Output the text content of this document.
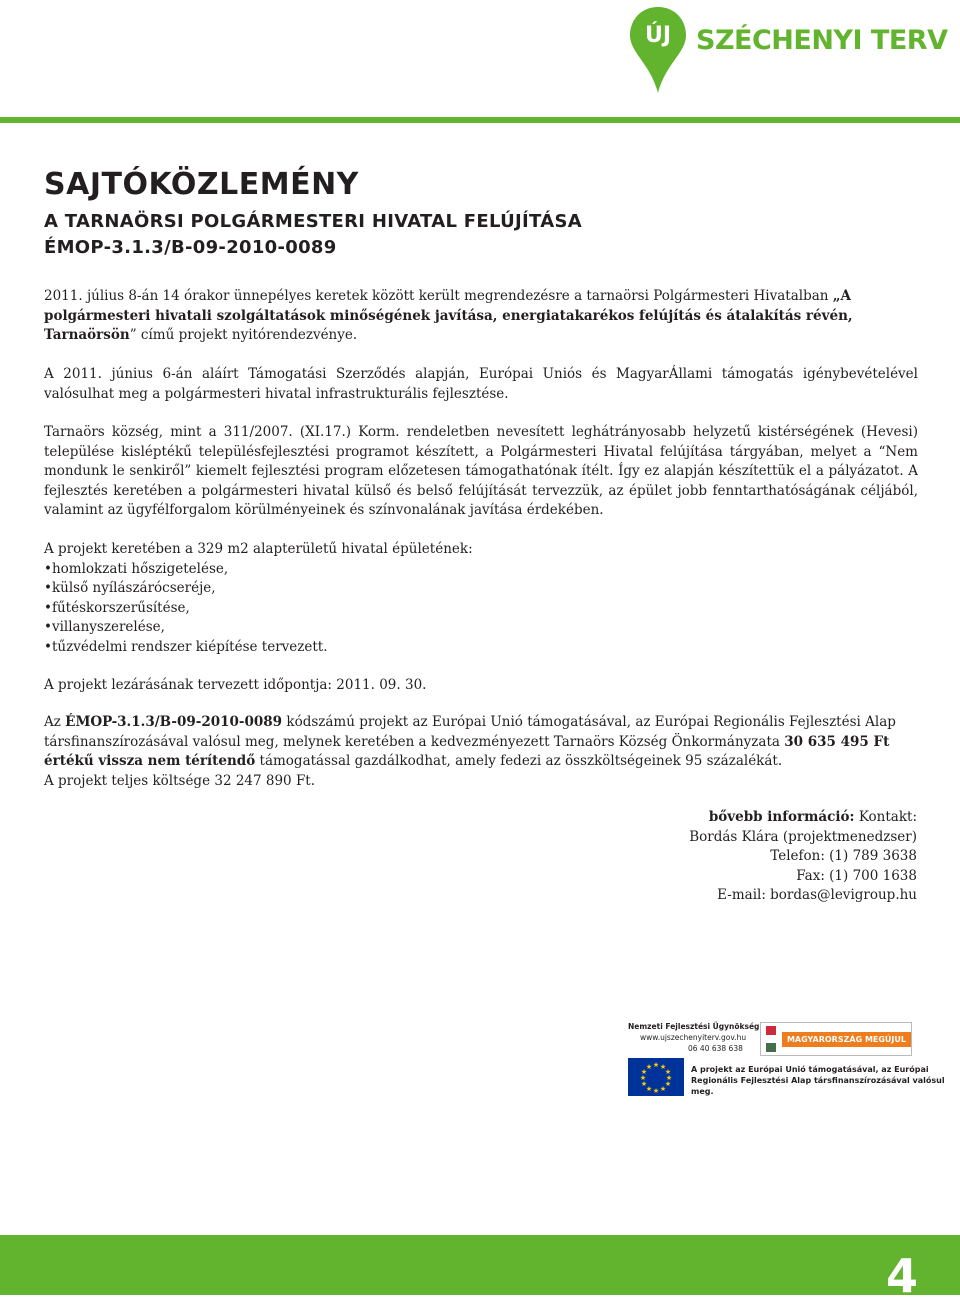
ÚJ SZÉCHENYI TERV
SAJTÓKÖZLEMÉNY
A TARNAÖRSI POLGÁRMESTERI HIVATAL FELÚJÍTÁSA
ÉMOP-3.1.3/B-09-2010-0089

2011. július 8-án 14 órakor ünnepélyes keretek között került megrendezésre a tarnaörsi Polgármesteri Hivatalban „A polgármesteri hivatali szolgáltatások minőségének javítása, energiatakarékos felújítás és átalakítás révén, Tarnaörsön” című projekt nyitórendezvénye.

A 2011. június 6-án aláírt Támogatási Szerződés alapján, Európai Uniós és MagyarÁllami támogatás igénybevételével valósulhat meg a polgármesteri hivatal infrastrukturális fejlesztése.

Tarnaörs község, mint a 311/2007. (XI.17.) Korm. rendeletben nevesített leghátrányosabb helyzetű kistérségének (Hevesi) települése kisléptékű településfejlesztési programot készített, a Polgármesteri Hivatal felújítása tárgyában, melyet a “Nem mondunk le senkiről” kiemelt fejlesztési program előzetesen támogathatónak ítélt. Így ez alapján készítettük el a pályázatot. A fejlesztés keretében a polgármesteri hivatal külső és belső felújítását tervezzük, az épület jobb fenntarthatóságának céljából, valamint az ügyfélforgalom körülményeinek és színvonalának javítása érdekében.

A projekt keretében a 329 m2 alapterületű hivatal épületének:

• homlokzati hőszigetelése,
• külső nyílászárócseréje,
• fűtéskorszerűsítése,
• villanyszerelése,
• tűzvédelmi rendszer kiépítése tervezett.

A projekt lezárásának tervezett időpontja: 2011. 09. 30.

Az ÉMOP-3.1.3/B-09-2010-0089 kódszámú projekt az Európai Unió támogatásával, az Európai Regionális Fejlesztési Alap társfinanszírozásával valósul meg, melynek keretében a kedvezményezett Tarnaörs Község Önkormányzata 30 635 495 Ft értékű vissza nem térítendő támogatással gazdálkodhat, amely fedezi az összköltségeinek 95 százalékát.

A projekt teljes költsége 32 247 890 Ft.

bővebb információ: Kontakt:
Bordás Klára (projektmenedzser)
Telefon: (1) 789 3638
Fax: (1) 700 1638
E-mail: bordas@levigroup.hu
Nemzeti Fejlesztési Ügynökség
www.ujszechenyiterv.gov.hu
06 40 638 638
MAGYARORSZÁG MEGÚJUL
★ ★
★
★
★
★
★
★
★
★
★
★	A projekt az Európai Unió támogatásával, az Európai
Regionális Fejlesztési Alap társfinanszírozásával valósul meg.
4
